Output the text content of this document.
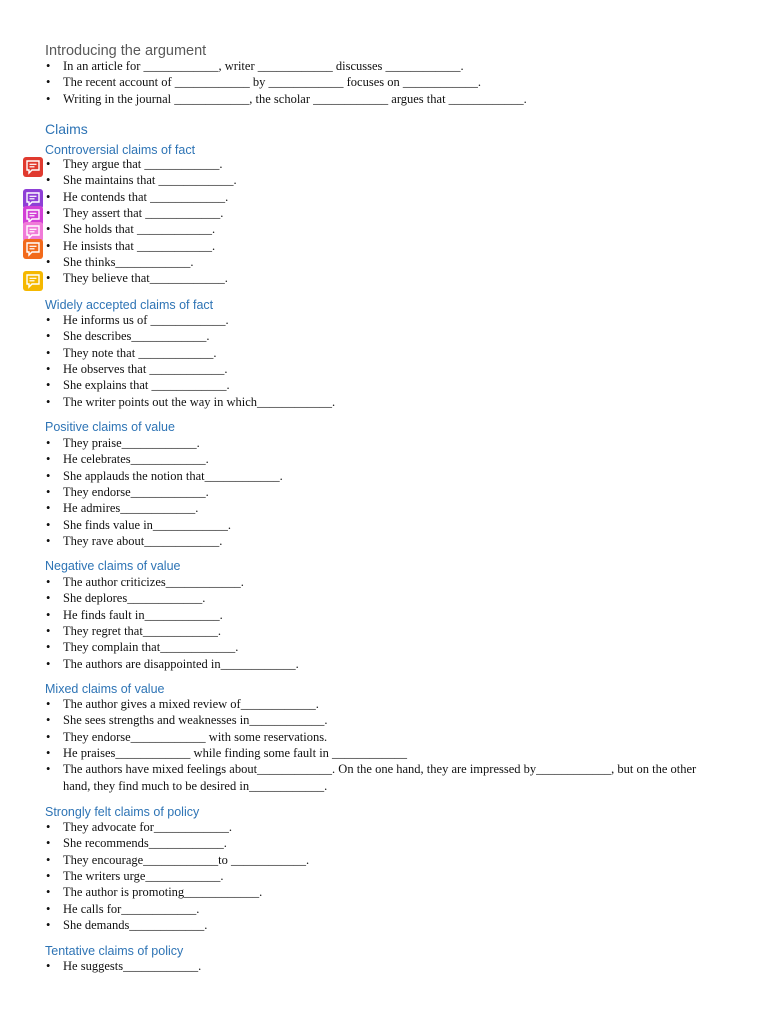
Introducing the argument
• In an article for ____________, writer ____________ discusses ____________.
• The recent account of ____________ by ____________ focuses on ____________.
• Writing in the journal ____________, the scholar ____________ argues that ____________.
Claims
Controversial claims of fact
• They argue that ____________.
• She maintains that ____________.
• He contends that ____________.
• They assert that ____________.
• She holds that ____________.
• He insists that ____________.
• She thinks____________.
• They believe that____________.
Widely accepted claims of fact
• He informs us of ____________.
• She describes____________.
• They note that ____________.
• He observes that ____________.
• She explains that ____________.
• The writer points out the way in which____________.
Positive claims of value
• They praise____________.
• He celebrates____________.
• She applauds the notion that____________.
• They endorse____________.
• He admires____________.
• She finds value in____________.
• They rave about____________.
Negative claims of value
• The author criticizes____________.
• She deplores____________.
• He finds fault in____________.
• They regret that____________.
• They complain that____________.
• The authors are disappointed in____________.
Mixed claims of value
• The author gives a mixed review of____________.
• She sees strengths and weaknesses in____________.
• They endorse____________ with some reservations.
• He praises____________ while finding some fault in ____________
• The authors have mixed feelings about____________. On the one hand, they are impressed by____________, but on the other hand, they find much to be desired in____________.
Strongly felt claims of policy
• They advocate for____________.
• She recommends____________.
• They encourage____________to ____________.
• The writers urge____________.
• The author is promoting____________.
• He calls for____________.
• She demands____________.
Tentative claims of policy
• He suggests____________.
